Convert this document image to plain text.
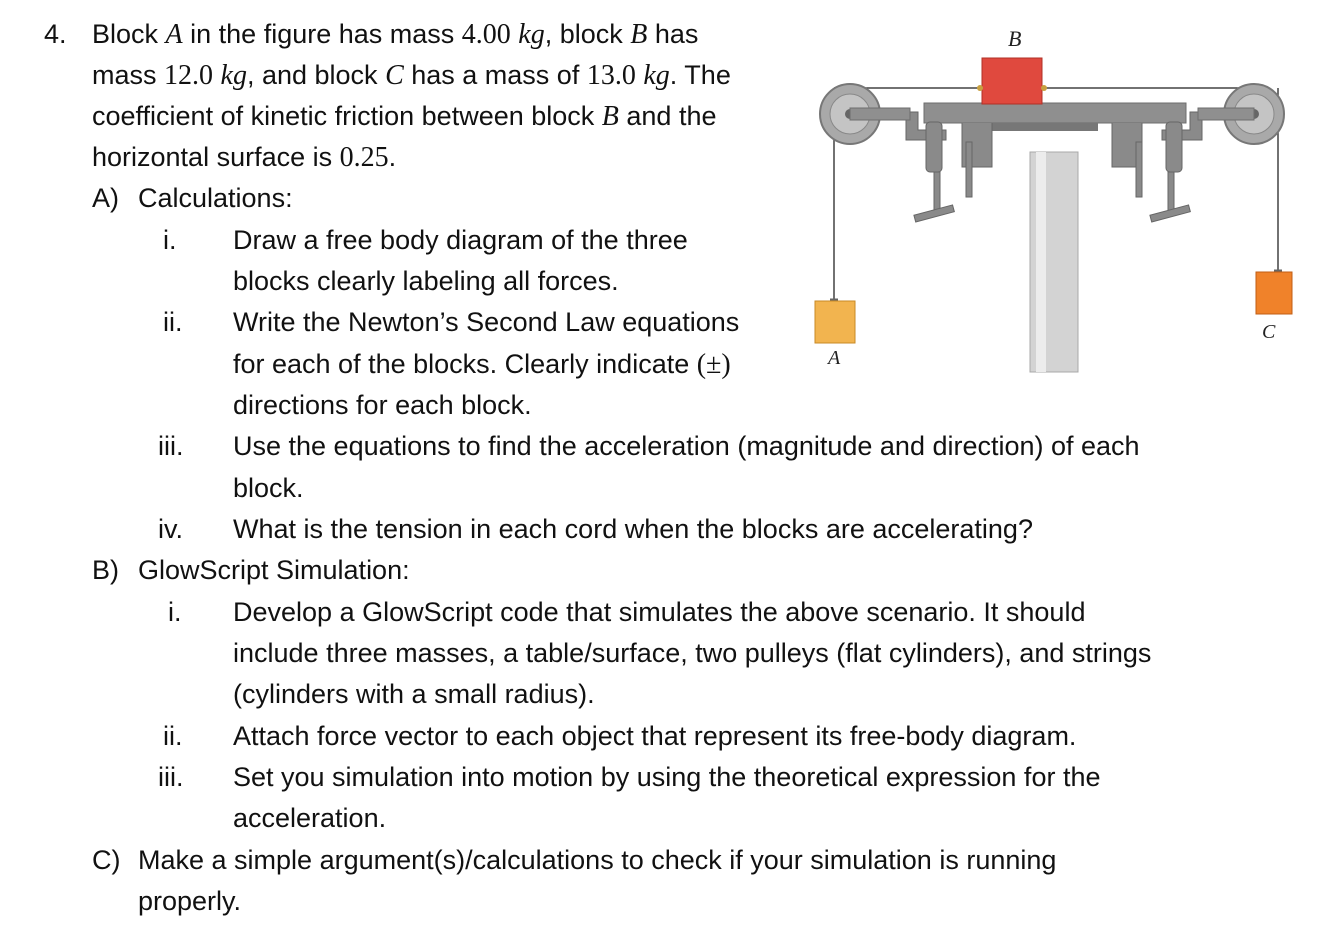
4. Block A in the figure has mass 4.00 kg, block B has
mass 12.0 kg, and block C has a mass of 13.0 kg. The
coefficient of kinetic friction between block B and the
horizontal surface is 0.25.
A) Calculations:
i. Draw a free body diagram of the three
blocks clearly labeling all forces.
ii. Write the Newton’s Second Law equations
for each of the blocks. Clearly indicate (±)
directions for each block.
iii. Use the equations to find the acceleration (magnitude and direction) of each
block.
iv. What is the tension in each cord when the blocks are accelerating?
B) GlowScript Simulation:
i. Develop a GlowScript code that simulates the above scenario. It should
include three masses, a table/surface, two pulleys (flat cylinders), and strings
(cylinders with a small radius).
ii. Attach force vector to each object that represent its free-body diagram.
iii. Set you simulation into motion by using the theoretical expression for the
acceleration.
C) Make a simple argument(s)/calculations to check if your simulation is running
properly.
B
A
C
